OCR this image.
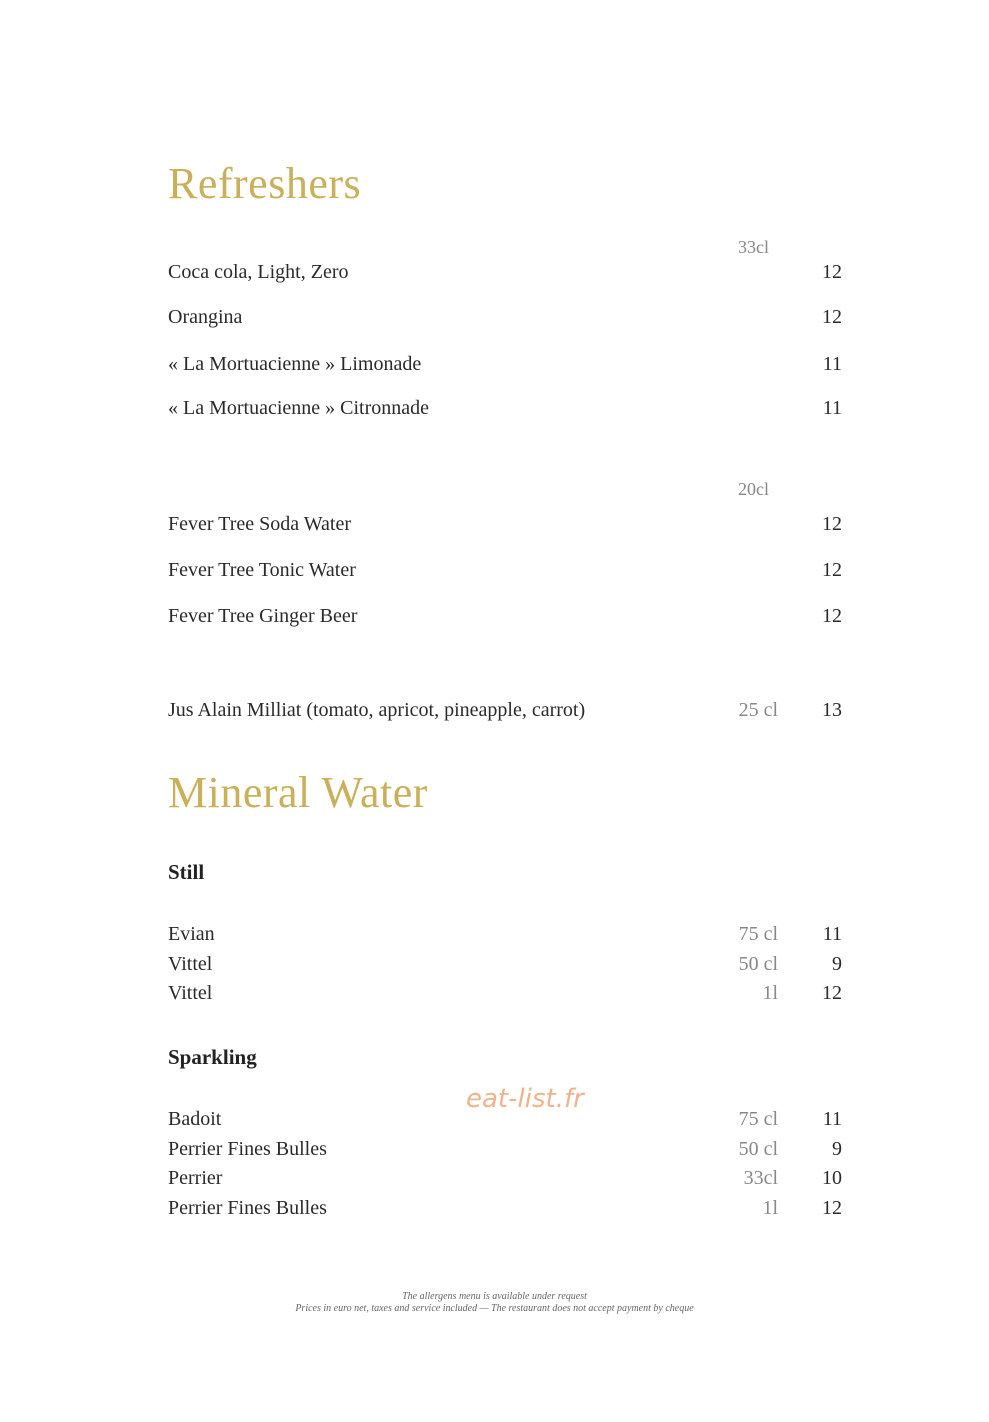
Refreshers
33cl
Coca cola, Light, Zero	12
Orangina	12
« La Mortuacienne » Limonade	11
« La Mortuacienne » Citronnade	11
20cl
Fever Tree Soda Water	12
Fever Tree Tonic Water	12
Fever Tree Ginger Beer	12
Jus Alain Milliat (tomato, apricot, pineapple, carrot)	25 cl 13
Mineral Water
Still
Evian	75 cl 11
Vittel	50 cl	9
Vittel	1l 12
Sparkling
Badoit	75 cl 11
Perrier Fines Bulles	50 cl	9
Perrier	33cl 10
Perrier Fines Bulles	1l 12
eat-list.fr
The allergens menu is available under request
Prices in euro net, taxes and service included — The restaurant does not accept payment by cheque
